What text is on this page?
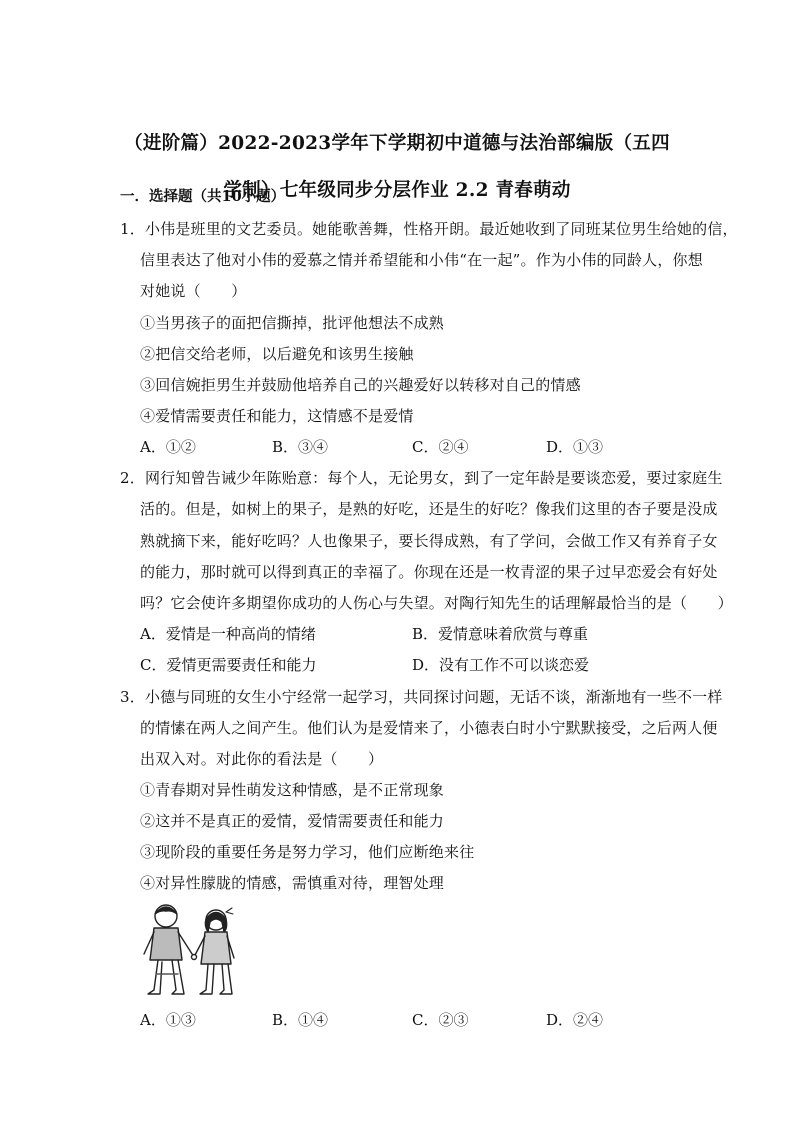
（进阶篇）2022-2023学年下学期初中道德与法治部编版（五四
学制）七年级同步分层作业 2.2 青春萌动
一．选择题（共10小题）
1．小伟是班里的文艺委员。她能歌善舞，性格开朗。最近她收到了同班某位男生给她的信，
信里表达了他对小伟的爱慕之情并希望能和小伟“在一起”。作为小伟的同龄人，你想
对她说（　　）
①当男孩子的面把信撕掉，批评他想法不成熟
②把信交给老师，以后避免和该男生接触
③回信婉拒男生并鼓励他培养自己的兴趣爱好以转移对自己的情感
④爱情需要责任和能力，这情感不是爱情
A．①②	B．③④	C．②④	D．①③
2．网行知曾告诫少年陈贻意：每个人，无论男女，到了一定年龄是要谈恋爱，要过家庭生
活的。但是，如树上的果子，是熟的好吃，还是生的好吃？像我们这里的杏子要是没成
熟就摘下来，能好吃吗？人也像果子，要长得成熟，有了学问，会做工作又有养育子女
的能力，那时就可以得到真正的幸福了。你现在还是一枚青涩的果子过早恋爱会有好处
吗？它会使许多期望你成功的人伤心与失望。对陶行知先生的话理解最恰当的是（　　）
A．爱情是一种高尚的情绪	B．爱情意味着欣赏与尊重
C．爱情更需要责任和能力	D．没有工作不可以谈恋爱
3．小德与同班的女生小宁经常一起学习，共同探讨问题，无话不谈，渐渐地有一些不一样
的情愫在两人之间产生。他们认为是爱情来了，小德表白时小宁默默接受，之后两人便
出双入对。对此你的看法是（　　）
①青春期对异性萌发这种情感，是不正常现象
②这并不是真正的爱情，爱情需要责任和能力
③现阶段的重要任务是努力学习，他们应断绝来往
④对异性朦胧的情感，需慎重对待，理智处理
A．①③	B．①④	C．②③	D．②④
